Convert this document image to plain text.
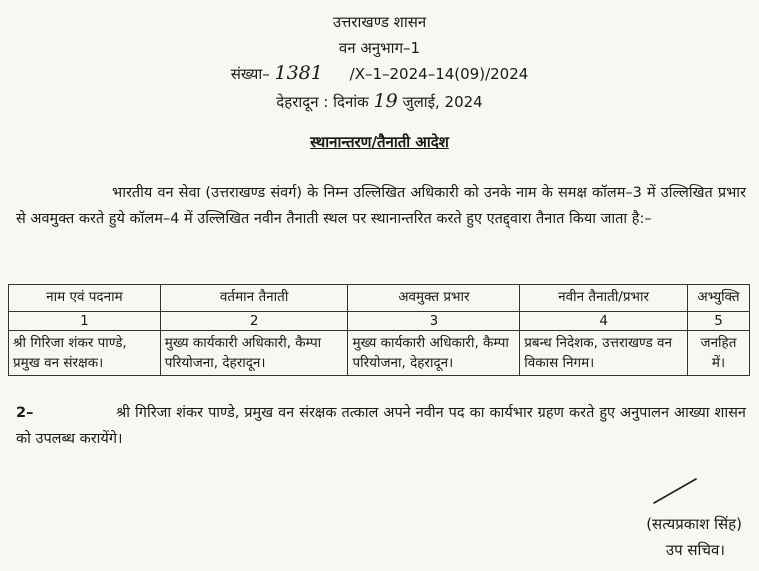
उत्तराखण्ड शासन
वन अनुभाग–1
संख्या– 1381 /X–1–2024–14(09)/2024
देहरादून : दिनांक 19 जुलाई, 2024
स्थानान्तरण/तैनाती आदेश
भारतीय वन सेवा (उत्तराखण्ड संवर्ग) के निम्न उल्लिखित अधिकारी को उनके नाम के समक्ष कॉलम–3 में उल्लिखित प्रभार से अवमुक्त करते हुये कॉलम–4 में उल्लिखित नवीन तैनाती स्थल पर स्थानान्तरित करते हुए एतद्द्वारा तैनात किया जाता है:–
नाम एवं पदनाम	वर्तमान तैनाती	अवमुक्त प्रभार	नवीन तैनाती/प्रभार	अभ्युक्ति
1	2	3	4	5
श्री गिरिजा शंकर पाण्डे, प्रमुख वन संरक्षक।	मुख्य कार्यकारी अधिकारी, कैम्पा परियोजना, देहरादून।	मुख्य कार्यकारी अधिकारी, कैम्पा परियोजना, देहरादून।	प्रबन्ध निदेशक, उत्तराखण्ड वन विकास निगम।	जनहित में।
2–	श्री गिरिजा शंकर पाण्डे, प्रमुख वन संरक्षक तत्काल अपने नवीन पद का कार्यभार ग्रहण करते हुए अनुपालन आख्या शासन को उपलब्ध करायेंगे।
(सत्यप्रकाश सिंह)
उप सचिव।
